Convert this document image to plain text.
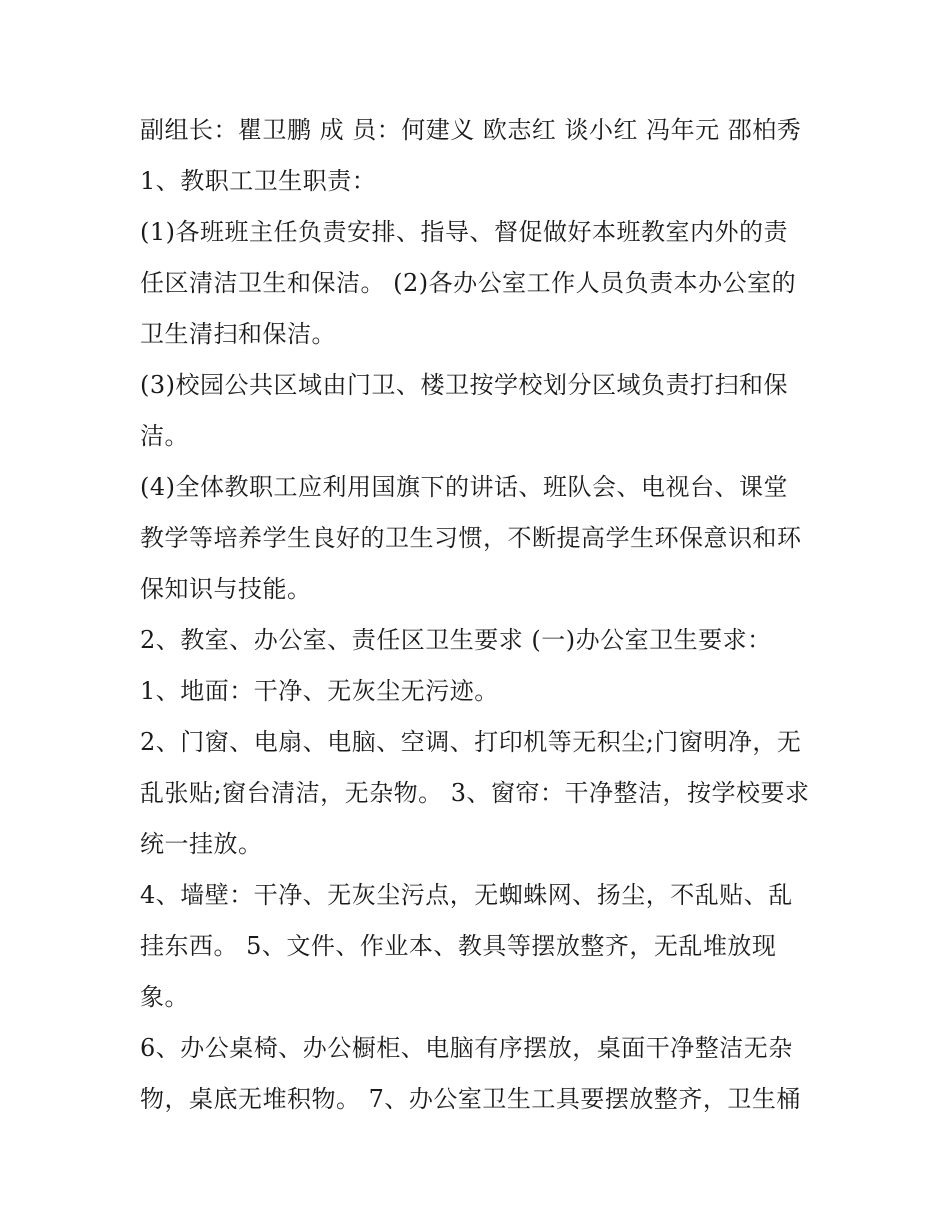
副组长：瞿卫鹏 成 员：何建义 欧志红 谈小红 冯年元 邵柏秀
1、教职工卫生职责：
(1)各班班主任负责安排、指导、督促做好本班教室内外的责
任区清洁卫生和保洁。 (2)各办公室工作人员负责本办公室的
卫生清扫和保洁。
(3)校园公共区域由门卫、楼卫按学校划分区域负责打扫和保
洁。
(4)全体教职工应利用国旗下的讲话、班队会、电视台、课堂
教学等培养学生良好的卫生习惯，不断提高学生环保意识和环
保知识与技能。
2、教室、办公室、责任区卫生要求 (一)办公室卫生要求：
1、地面：干净、无灰尘无污迹。
2、门窗、电扇、电脑、空调、打印机等无积尘;门窗明净，无
乱张贴;窗台清洁，无杂物。 3、窗帘：干净整洁，按学校要求
统一挂放。
4、墙壁：干净、无灰尘污点，无蜘蛛网、扬尘，不乱贴、乱
挂东西。 5、文件、作业本、教具等摆放整齐，无乱堆放现
象。
6、办公桌椅、办公橱柜、电脑有序摆放，桌面干净整洁无杂
物，桌底无堆积物。 7、办公室卫生工具要摆放整齐，卫生桶
